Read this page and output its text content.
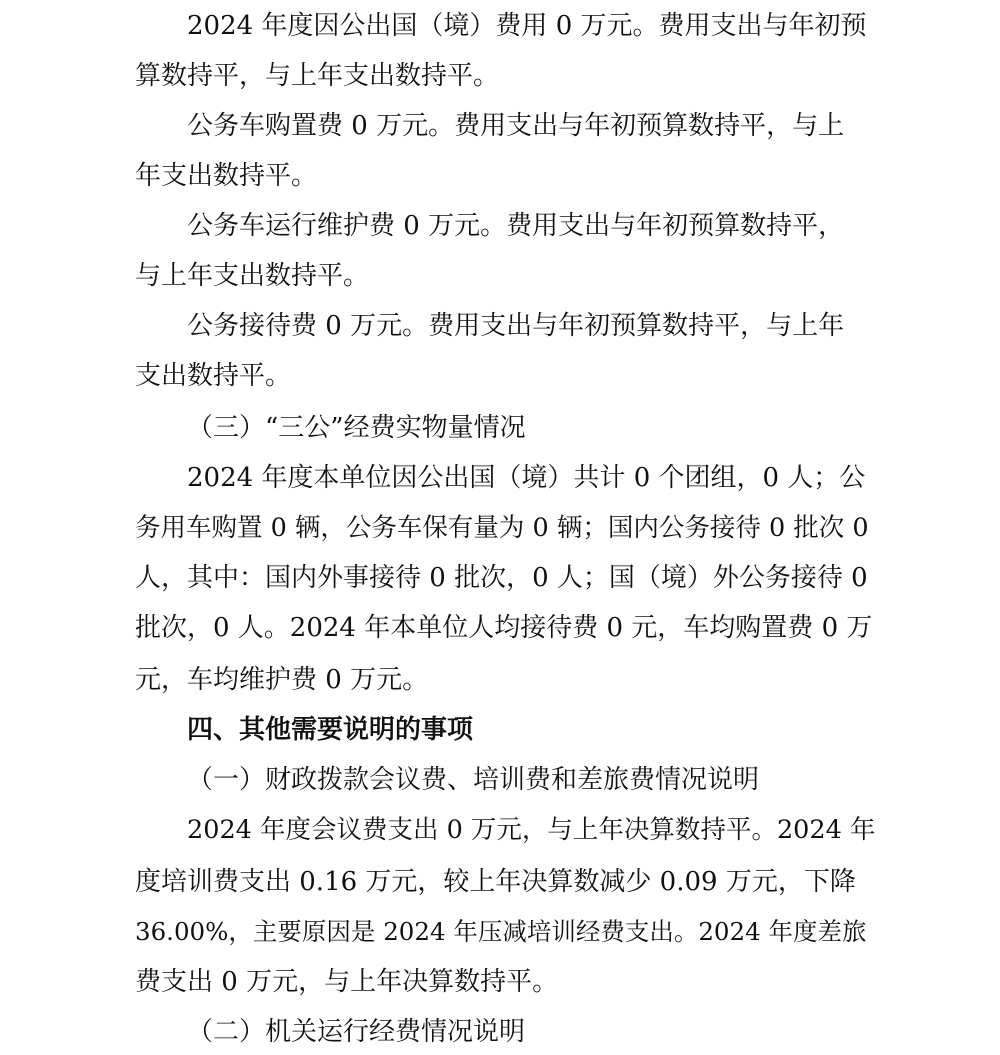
2024 年度因公出国（境）费用 0 万元。费用支出与年初预
算数持平，与上年支出数持平。
公务车购置费 0 万元。费用支出与年初预算数持平，与上
年支出数持平。
公务车运行维护费 0 万元。费用支出与年初预算数持平，
与上年支出数持平。
公务接待费 0 万元。费用支出与年初预算数持平，与上年
支出数持平。
（三）“三公”经费实物量情况
2024 年度本单位因公出国（境）共计 0 个团组，0 人；公
务用车购置 0 辆，公务车保有量为 0 辆；国内公务接待 0 批次 0
人，其中：国内外事接待 0 批次，0 人；国（境）外公务接待 0
批次，0 人。2024 年本单位人均接待费 0 元，车均购置费 0 万
元，车均维护费 0 万元。
四、其他需要说明的事项
（一）财政拨款会议费、培训费和差旅费情况说明
2024 年度会议费支出 0 万元，与上年决算数持平。2024 年
度培训费支出 0.16 万元，较上年决算数减少 0.09 万元，下降
36.00%，主要原因是 2024 年压减培训经费支出。2024 年度差旅
费支出 0 万元，与上年决算数持平。
（二）机关运行经费情况说明
